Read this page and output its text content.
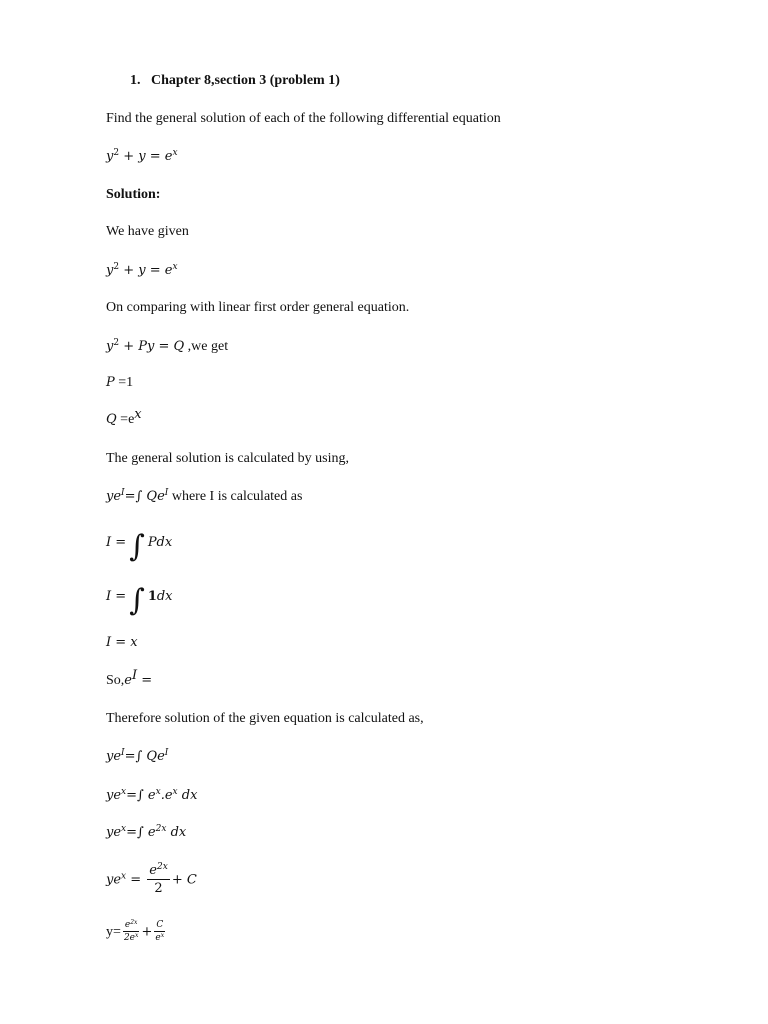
1. Chapter 8,section 3 (problem 1)
Find the general solution of each of the following differential equation
$y^2 + y = e^x$
Solution:
We have given
$y^2 + y = e^x$
On comparing with linear first order general equation.
$y^2 + Py = Q$ ,we get
P =1
$Q =e^x$
The general solution is calculated by using,
$ye^I=\int$ $Qe^I$ where I is calculated as
I = ∫ Pdx
I = ∫ 1dx
I = x
$So,e^I$ =
Therefore solution of the given equation is calculated as,
$ye^I=\int$ $Qe^I$
$ye^x=\int$ $e^x.e^x$ dx
$ye^x=\int$ $e^{2x}$ dx
$ye^x = \frac{e^{2x}}{2} + C$
$y= \frac{e^{2x}}{2e^x} + \frac{C}{e^x}$
